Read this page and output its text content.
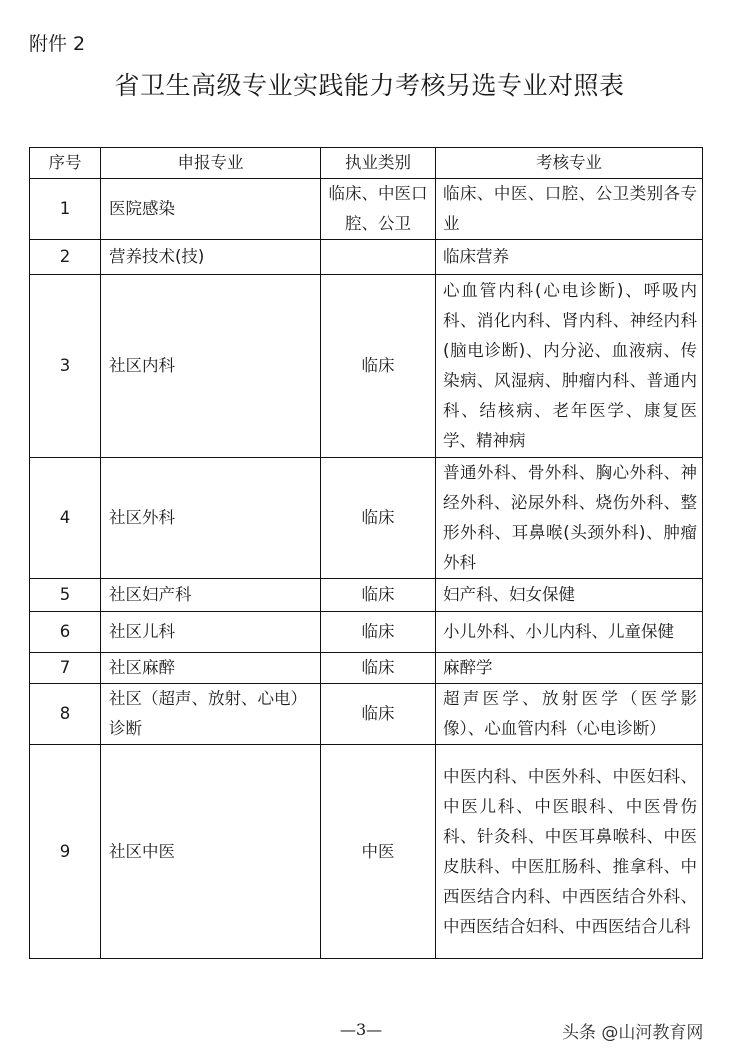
附件 2
省卫生高级专业实践能力考核另选专业对照表
序号	申报专业	执业类别	考核专业
1	医院感染	临床、中医口腔、公卫	临床、中医、口腔、公卫类别各专业
2	营养技术(技)		临床营养
3	社区内科	临床	心血管内科(心电诊断)、呼吸内科、消化内科、肾内科、神经内科(脑电诊断)、内分泌、血液病、传染病、风湿病、肿瘤内科、普通内科、结核病、老年医学、康复医学、精神病
4	社区外科	临床	普通外科、骨外科、胸心外科、神经外科、泌尿外科、烧伤外科、整形外科、耳鼻喉(头颈外科)、肿瘤外科
5	社区妇产科	临床	妇产科、妇女保健
6	社区儿科	临床	小儿外科、小儿内科、儿童保健
7	社区麻醉	临床	麻醉学
8	社区（超声、放射、心电）诊断	临床	超声医学、放射医学（医学影像）、心血管内科（心电诊断）
9	社区中医	中医	中医内科、中医外科、中医妇科、中医儿科、中医眼科、中医骨伤科、针灸科、中医耳鼻喉科、中医皮肤科、中医肛肠科、推拿科、中西医结合内科、中西医结合外科、中西医结合妇科、中西医结合儿科
—3—	头条 @山河教育网
